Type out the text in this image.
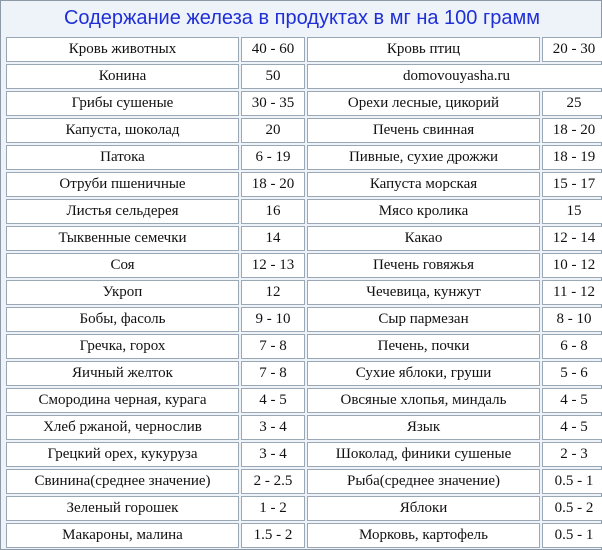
Содержание железа в продуктах в мг на 100 грамм
Кровь животных	40 - 60	Кровь птиц	20 - 30
Конина	50	domovouyasha.ru	
Грибы сушеные	30 - 35	Орехи лесные, цикорий	25
Капуста, шоколад	20	Печень свинная	18 - 20
Патока	6 - 19	Пивные, сухие дрожжи	18 - 19
Отруби пшеничные	18 - 20	Капуста морская	15 - 17
Листья сельдерея	16	Мясо кролика	15
Тыквенные семечки	14	Какао	12 - 14
Соя	12 - 13	Печень говяжья	10 - 12
Укроп	12	Чечевица, кунжут	11 - 12
Бобы, фасоль	9 - 10	Сыр пармезан	8 - 10
Гречка, горох	7 - 8	Печень, почки	6 - 8
Яичный желток	7 - 8	Сухие яблоки, груши	5 - 6
Смородина черная, курага	4 - 5	Овсяные хлопья, миндаль	4 - 5
Хлеб ржаной, чернослив	3 - 4	Язык	4 - 5
Грецкий орех, кукуруза	3 - 4	Шоколад, финики сушеные	2 - 3
Свинина(среднее значение)	2 - 2.5	Рыба(среднее значение)	0.5 - 1
Зеленый горошек	1 - 2	Яблоки	0.5 - 2
Макароны, малина	1.5 - 2	Морковь, картофель	0.5 - 1
